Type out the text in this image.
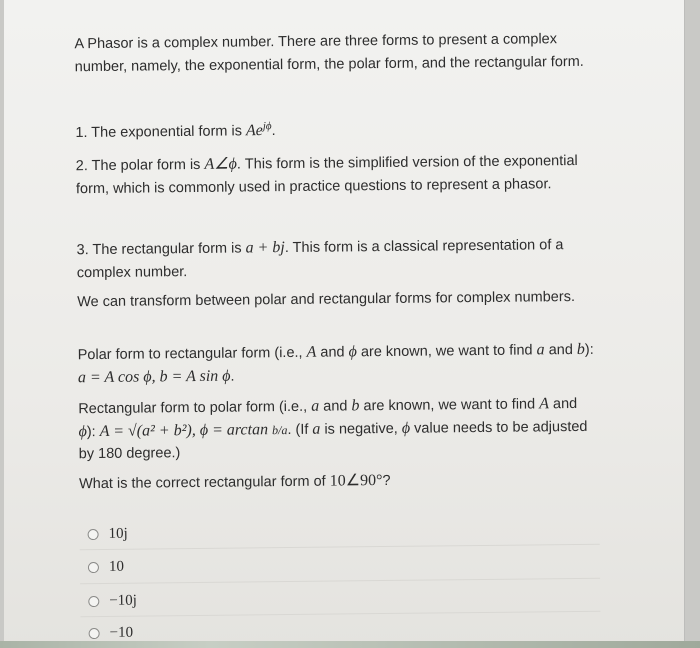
A Phasor is a complex number. There are three forms to present a complex number, namely, the exponential form, the polar form, and the rectangular form.

1. The exponential form is $Ae^{j\phi}$.

2. The polar form is A∠ϕ. This form is the simplified version of the exponential form, which is commonly used in practice questions to represent a phasor.

3. The rectangular form is a + bj. This form is a classical representation of a complex number.

We can transform between polar and rectangular forms for complex numbers.

Polar form to rectangular form (i.e., A and ϕ are known, we want to find a and b): a = A cos ϕ, b = A sin ϕ.

Rectangular form to polar form (i.e., a and b are known, we want to find A and ϕ): A = √(a² + b²), ϕ = arctan b/a. (If a is negative, ϕ value needs to be adjusted by 180 degree.)

What is the correct rectangular form of 10∠90°?

10j
10
−10j
−10
